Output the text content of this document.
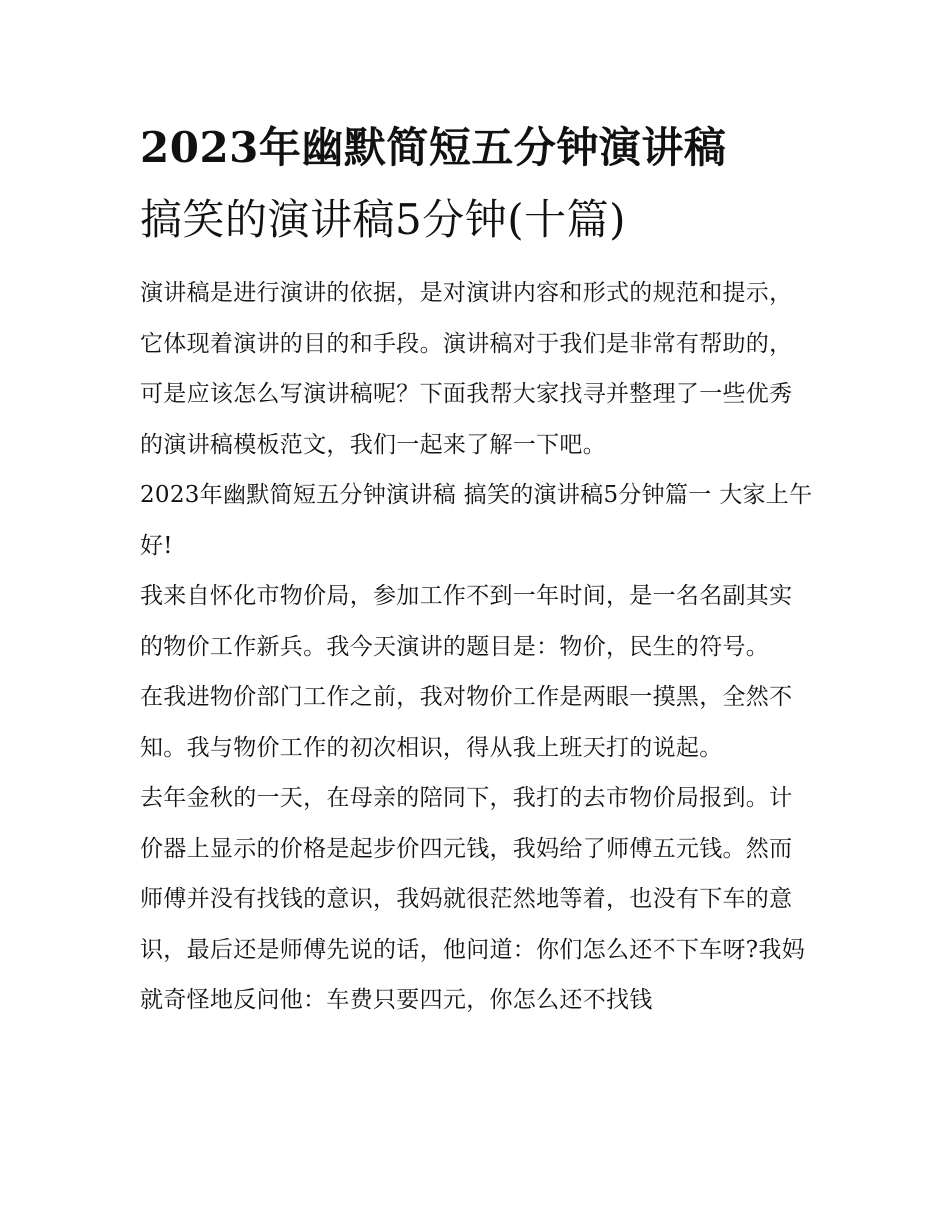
2023年幽默简短五分钟演讲稿
搞笑的演讲稿5分钟(十篇)

演讲稿是进行演讲的依据，是对演讲内容和形式的规范和提示，它体现着演讲的目的和手段。演讲稿对于我们是非常有帮助的，可是应该怎么写演讲稿呢？下面我帮大家找寻并整理了一些优秀的演讲稿模板范文，我们一起来了解一下吧。

2023年幽默简短五分钟演讲稿 搞笑的演讲稿5分钟篇一 大家上午好!

我来自怀化市物价局，参加工作不到一年时间，是一名名副其实的物价工作新兵。我今天演讲的题目是：物价，民生的符号。

在我进物价部门工作之前，我对物价工作是两眼一摸黑，全然不知。我与物价工作的初次相识，得从我上班天打的说起。

去年金秋的一天，在母亲的陪同下，我打的去市物价局报到。计价器上显示的价格是起步价四元钱，我妈给了师傅五元钱。然而师傅并没有找钱的意识，我妈就很茫然地等着，也没有下车的意识，最后还是师傅先说的话，他问道：你们怎么还不下车呀?我妈就奇怪地反问他：车费只要四元，你怎么还不找钱
